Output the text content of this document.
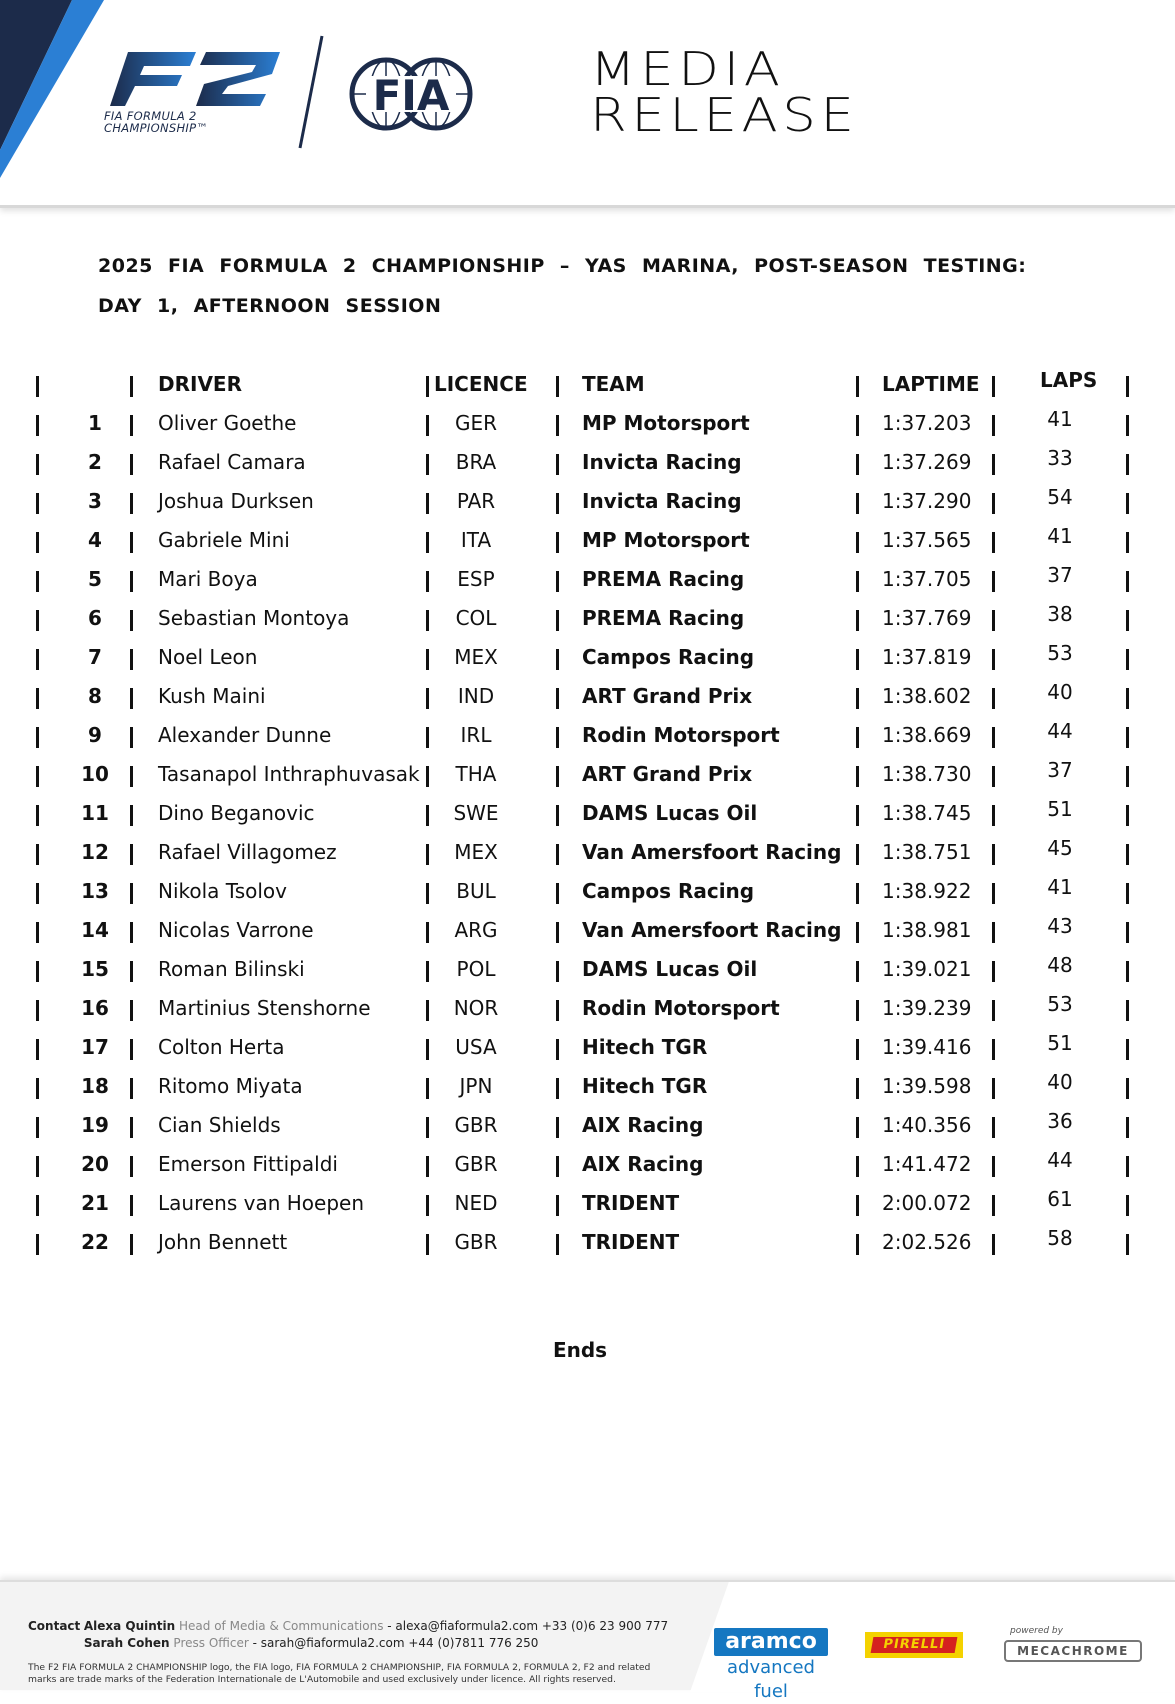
FIA FORMULA 2
CHAMPIONSHIP™
FIA	MEDIA
RELEASE
2025 FIA FORMULA 2 CHAMPIONSHIP – YAS MARINA, POST-SEASON TESTING: DAY 1, AFTERNOON SESSION
DRIVER	LICENCE	TEAM	LAPTIME	LAPS
1	Oliver Goethe	GER	MP Motorsport	1:37.203	41
2	Rafael Camara	BRA	Invicta Racing	1:37.269	33
3	Joshua Durksen	PAR	Invicta Racing	1:37.290	54
4	Gabriele Mini	ITA	MP Motorsport	1:37.565	41
5	Mari Boya	ESP	PREMA Racing	1:37.705	37
6	Sebastian Montoya	COL	PREMA Racing	1:37.769	38
7	Noel Leon	MEX	Campos Racing	1:37.819	53
8	Kush Maini	IND	ART Grand Prix	1:38.602	40
9	Alexander Dunne	IRL	Rodin Motorsport	1:38.669	44
10	Tasanapol Inthraphuvasak	THA	ART Grand Prix	1:38.730	37
11	Dino Beganovic	SWE	DAMS Lucas Oil	1:38.745	51
12	Rafael Villagomez	MEX	Van Amersfoort Racing 1:38.751	45
13	Nikola Tsolov	BUL	Campos Racing	1:38.922	41
14	Nicolas Varrone	ARG	Van Amersfoort Racing 1:38.981	43
15	Roman Bilinski	POL	DAMS Lucas Oil	1:39.021	48
16	Martinius Stenshorne	NOR	Rodin Motorsport	1:39.239	53
17	Colton Herta	USA	Hitech TGR	1:39.416	51
18	Ritomo Miyata	JPN	Hitech TGR	1:39.598	40
19	Cian Shields	GBR	AIX Racing	1:40.356	36
20	Emerson Fittipaldi	GBR	AIX Racing	1:41.472	44
21	Laurens van Hoepen	NED	TRIDENT	2:00.072	61
22	John Bennett	GBR	TRIDENT	2:02.526	58
Ends
Contact Alexa Quintin Head of Media & Communications - alexa@fiaformula2.com +33 (0)6 23 900 777
Sarah Cohen Press Officer - sarah@fiaformula2.com +44 (0)7811 776 250
The F2 FIA FORMULA 2 CHAMPIONSHIP logo, the FIA logo, FIA FORMULA 2 CHAMPIONSHIP, FIA FORMULA 2, FORMULA 2, F2 and related marks are trade marks of the Federation Internationale de L'Automobile and used exclusively under licence. All rights reserved.
aramco
advanced fuel
PIRELLI
powered by
MECACHROME
